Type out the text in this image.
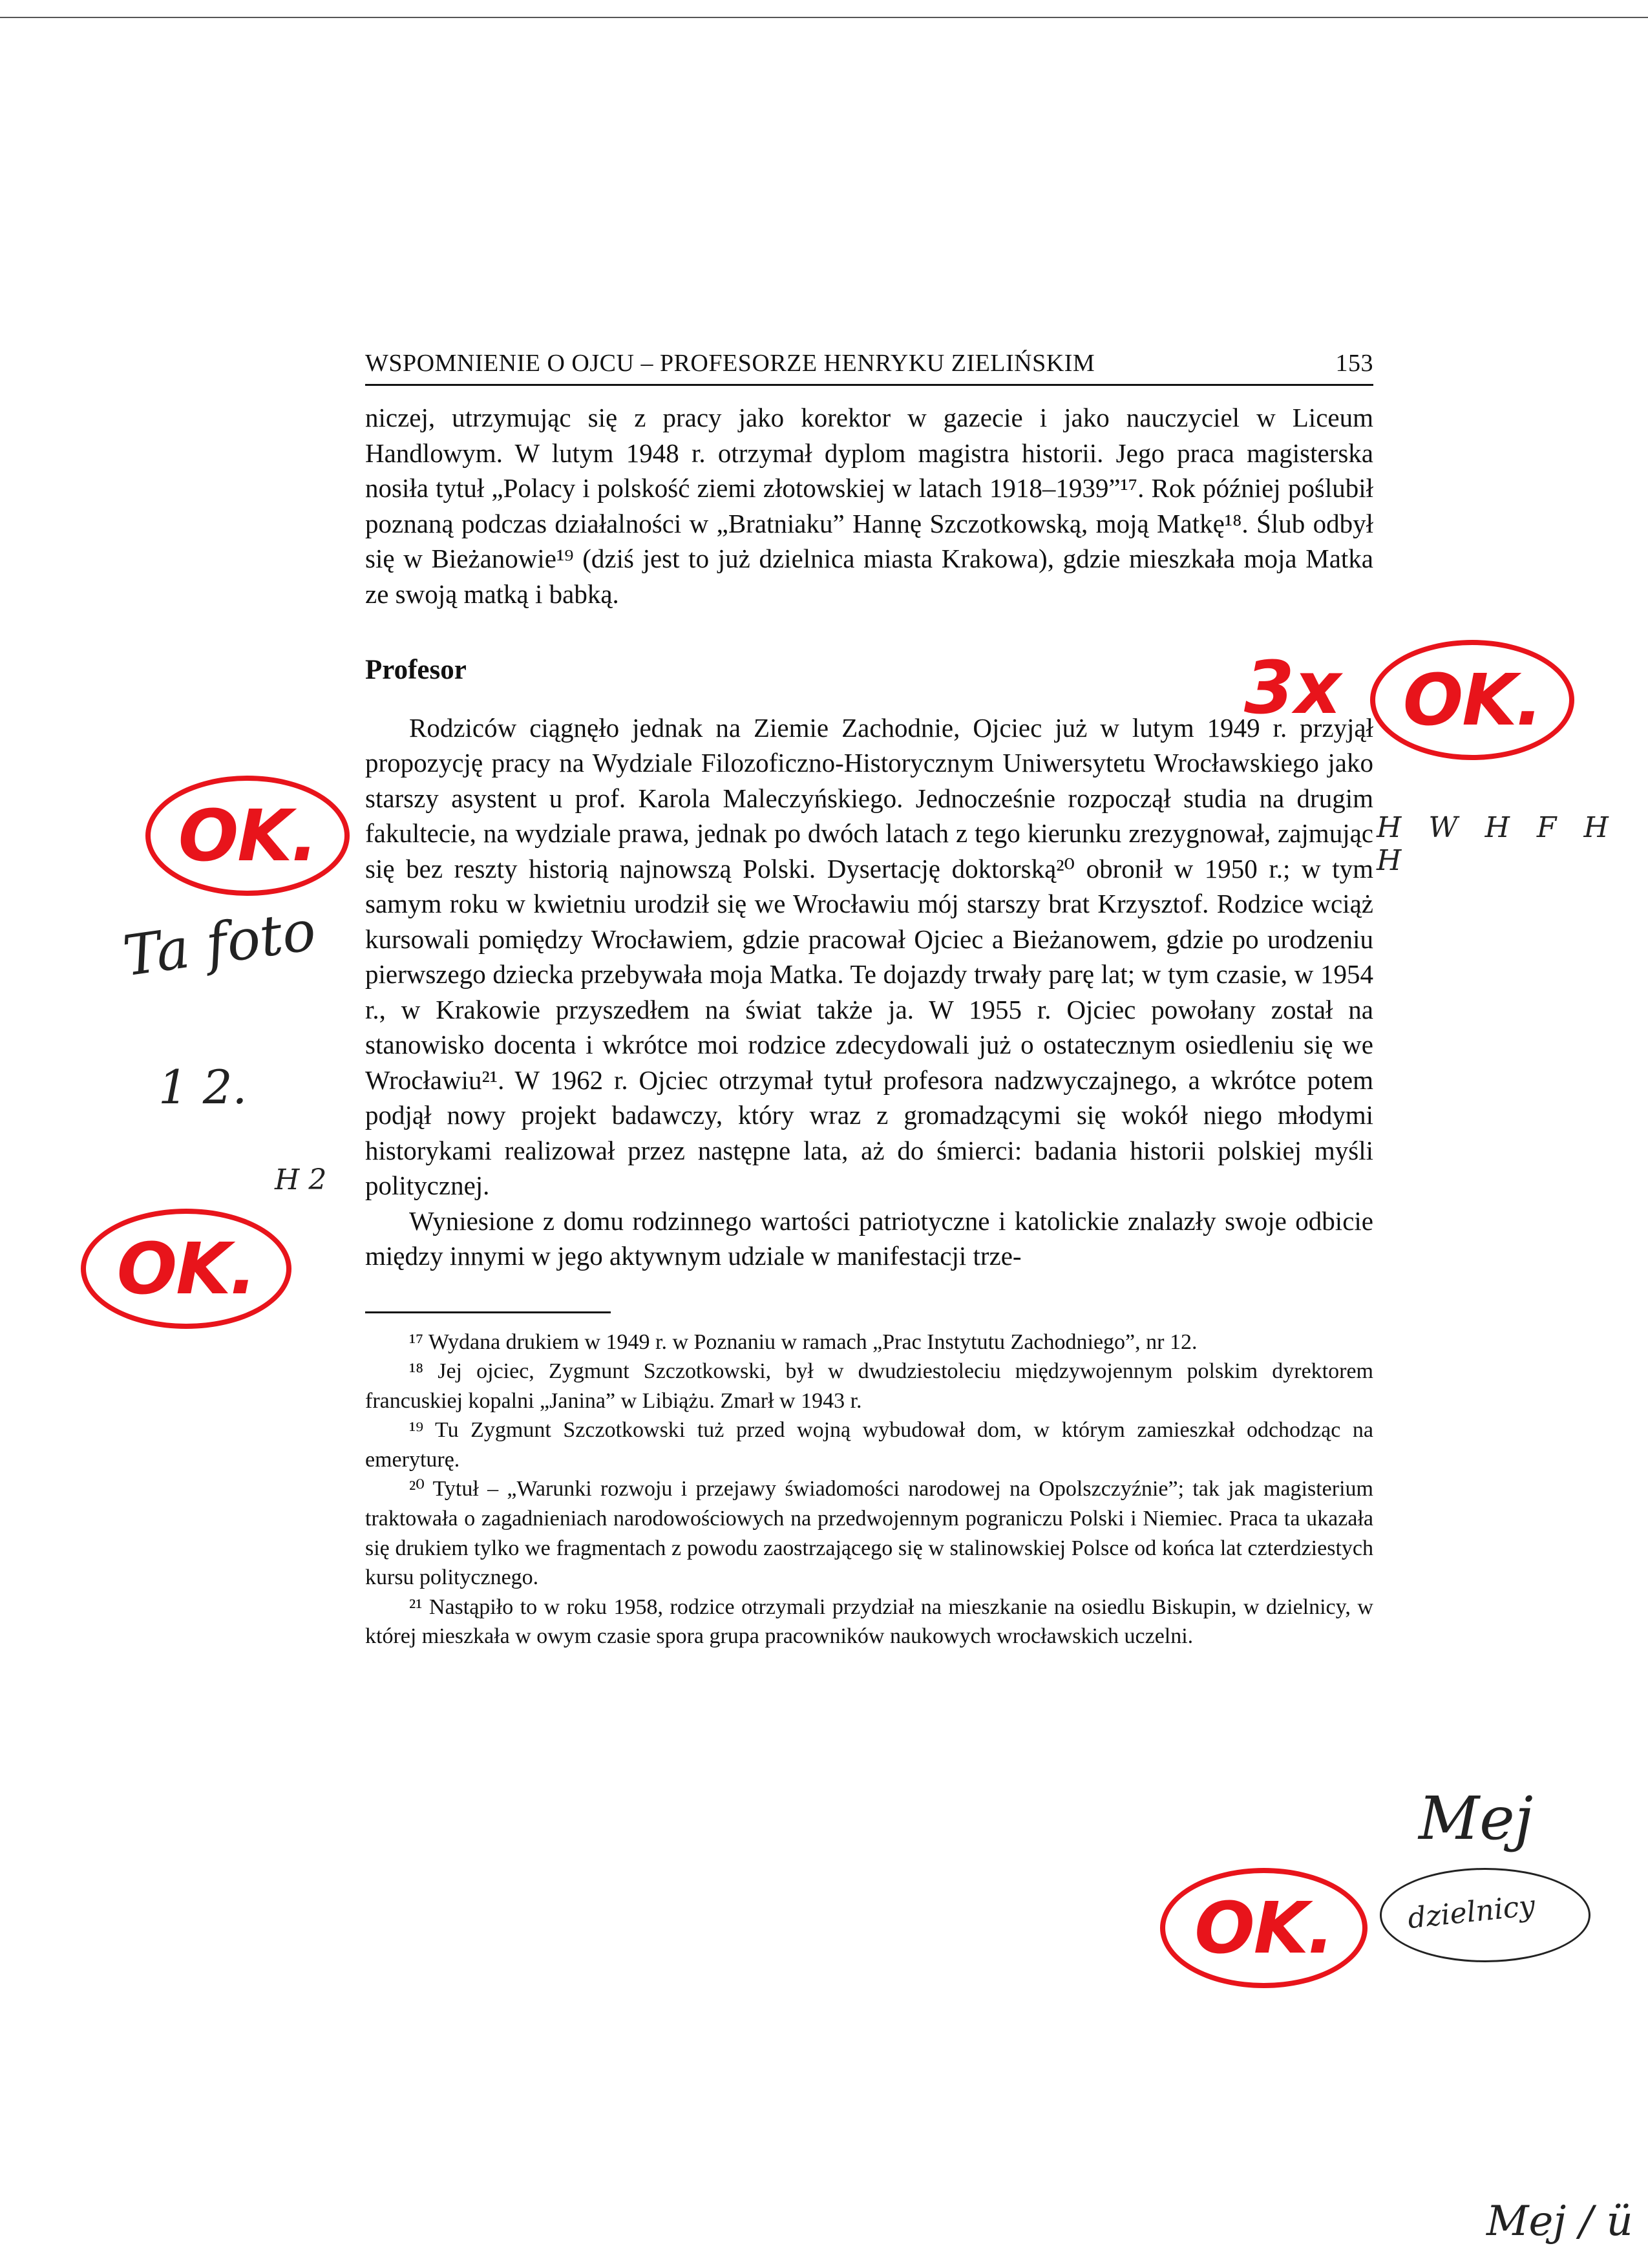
WSPOMNIENIE O OJCU – PROFESORZE HENRYKU ZIELIŃSKIM	153

niczej, utrzymując się z pracy jako korektor w gazecie i jako nauczyciel w Liceum Handlowym. W lutym 1948 r. otrzymał dyplom magistra historii. Jego praca magisterska nosiła tytuł „Polacy i polskość ziemi złotowskiej w latach 1918–1939”¹⁷. Rok później poślubił poznaną podczas działalności w „Bratniaku” Hannę Szczotkowską, moją Matkę¹⁸. Ślub odbył się w Bieżanowie¹⁹ (dziś jest to już dzielnica miasta Krakowa), gdzie mieszkała moja Matka ze swoją matką i babką.

Profesor

Rodziców ciągnęło jednak na Ziemie Zachodnie, Ojciec już w lutym 1949 r. przyjął propozycję pracy na Wydziale Filozoficzno-Historycznym Uniwersytetu Wrocławskiego jako starszy asystent u prof. Karola Maleczyńskiego. Jednocześnie rozpoczął studia na drugim fakultecie, na wydziale prawa, jednak po dwóch latach z tego kierunku zrezygnował, zajmując się bez reszty historią najnowszą Polski. Dysertację doktorską²⁰ obronił w 1950 r.; w tym samym roku w kwietniu urodził się we Wrocławiu mój starszy brat Krzysztof. Rodzice wciąż kursowali pomiędzy Wrocławiem, gdzie pracował Ojciec a Bieżanowem, gdzie po urodzeniu pierwszego dziecka przebywała moja Matka. Te dojazdy trwały parę lat; w tym czasie, w 1954 r., w Krakowie przyszedłem na świat także ja. W 1955 r. Ojciec powołany został na stanowisko docenta i wkrótce moi rodzice zdecydowali już o ostatecznym osiedleniu się we Wrocławiu²¹. W 1962 r. Ojciec otrzymał tytuł profesora nadzwyczajnego, a wkrótce potem podjął nowy projekt badawczy, który wraz z gromadzącymi się wokół niego młodymi historykami realizował przez następne lata, aż do śmierci: badania historii polskiej myśli politycznej.

Wyniesione z domu rodzinnego wartości patriotyczne i katolickie znalazły swoje odbicie między innymi w jego aktywnym udziale w manifestacji trze-

¹⁷ Wydana drukiem w 1949 r. w Poznaniu w ramach „Prac Instytutu Zachodniego”, nr 12.

¹⁸ Jej ojciec, Zygmunt Szczotkowski, był w dwudziestoleciu międzywojennym polskim dyrektorem francuskiej kopalni „Janina” w Libiążu. Zmarł w 1943 r.

¹⁹ Tu Zygmunt Szczotkowski tuż przed wojną wybudował dom, w którym zamieszkał odchodząc na emeryturę.

²⁰ Tytuł – „Warunki rozwoju i przejawy świadomości narodowej na Opolszczyźnie”; tak jak magisterium traktowała o zagadnieniach narodowościowych na przedwojennym pograniczu Polski i Niemiec. Praca ta ukazała się drukiem tylko we fragmentach z powodu zaostrzającego się w stalinowskiej Polsce od końca lat czterdziestych kursu politycznego.

²¹ Nastąpiło to w roku 1958, rodzice otrzymali przydział na mieszkanie na osiedlu Biskupin, w dzielnicy, w której mieszkała w owym czasie spora grupa pracowników naukowych wrocławskich uczelni.

3x OK.
OK.
OK.
OK.
H W H F H H
Ta foto
1 2.
H 2
Mej
dzielnicy
Mej / ü
